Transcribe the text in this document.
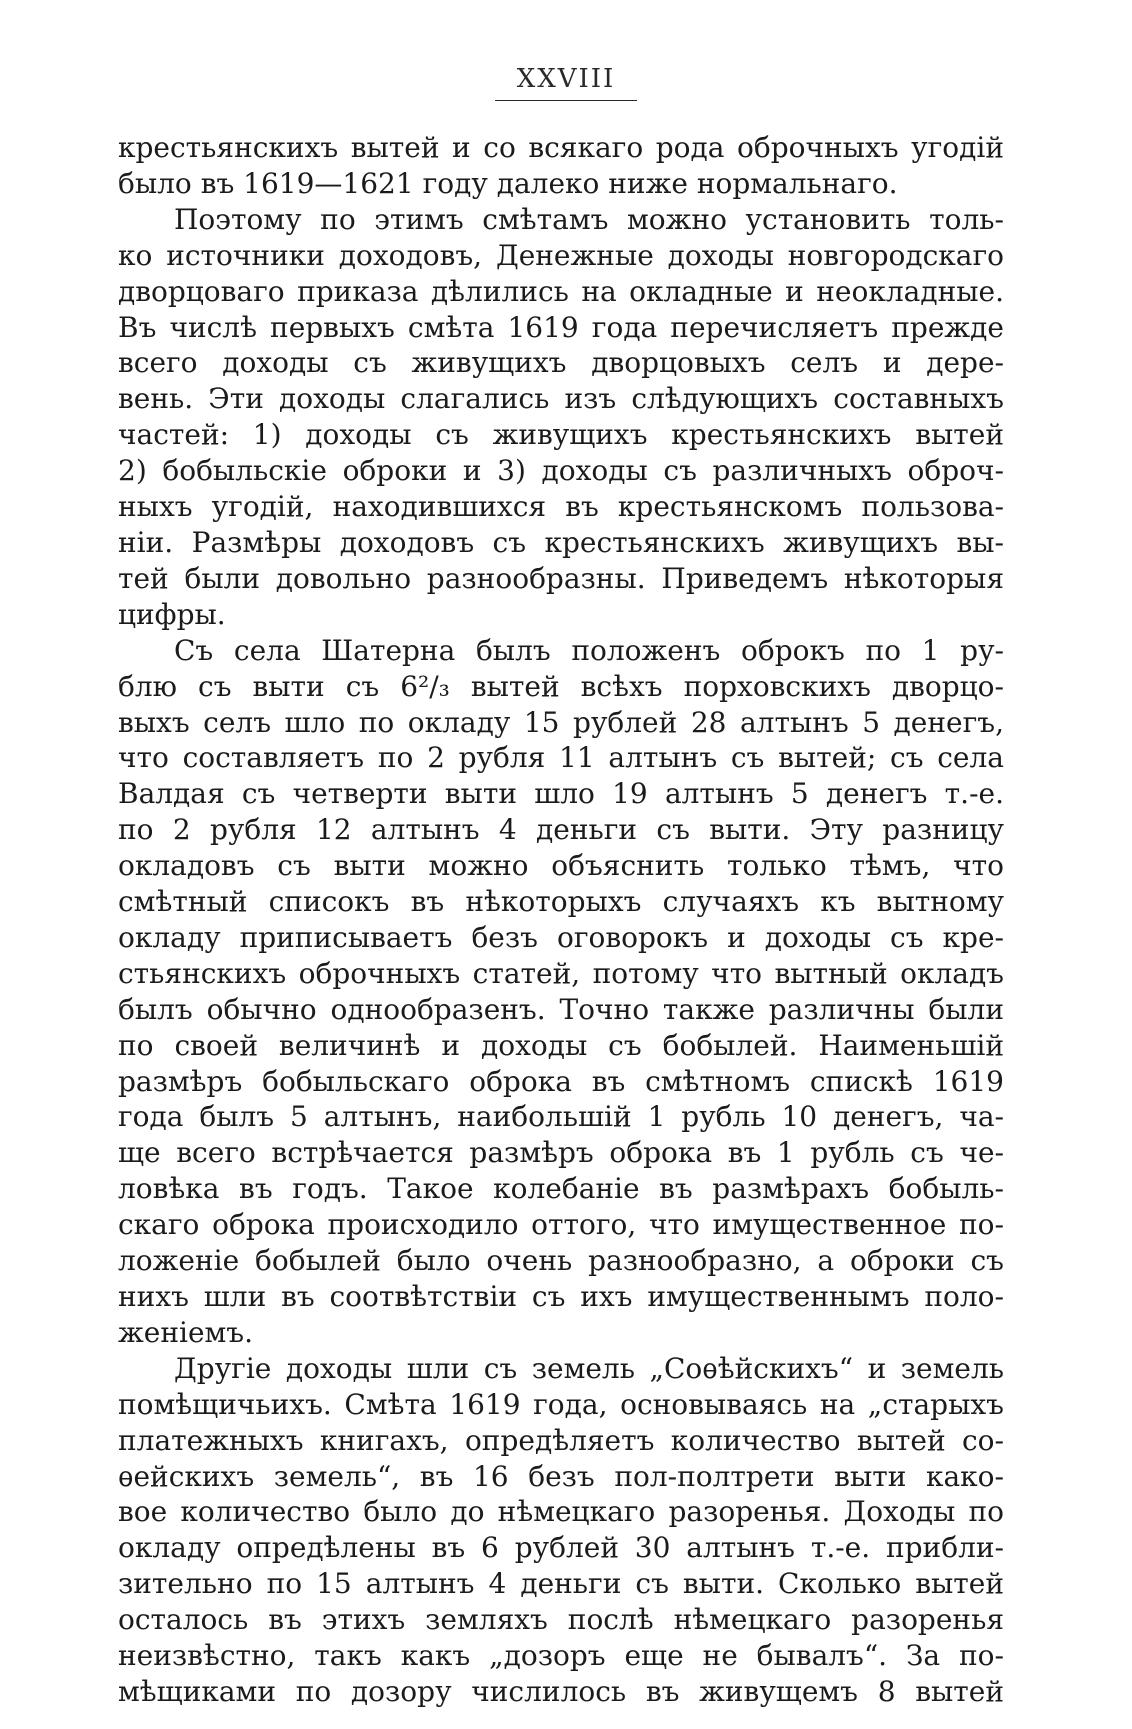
XXVIII
крестьянскихъ вытей и со всякаго рода оброчныхъ угодій
было въ 1619—1621 году далеко ниже нормальнаго.
Поэтому по этимъ смѣтамъ можно установить толь-
ко источники доходовъ, Денежные доходы новгородскаго
дворцоваго приказа дѣлились на окладные и неокладные.
Въ числѣ первыхъ смѣта 1619 года перечисляетъ прежде
всего доходы съ живущихъ дворцовыхъ селъ и дере-
вень. Эти доходы слагались изъ слѣдующихъ составныхъ
частей: 1) доходы съ живущихъ крестьянскихъ вытей
2) бобыльскіе оброки и 3) доходы съ различныхъ оброч-
ныхъ угодій, находившихся въ крестьянскомъ пользова-
ніи. Размѣры доходовъ съ крестьянскихъ живущихъ вы-
тей были довольно разнообразны. Приведемъ нѣкоторыя
цифры.
Съ села Шатерна былъ положенъ оброкъ по 1 ру-
блю съ выти съ 6²/₃ вытей всѣхъ порховскихъ дворцо-
выхъ селъ шло по окладу 15 рублей 28 алтынъ 5 денегъ,
что составляетъ по 2 рубля 11 алтынъ съ вытей; съ села
Валдая съ четверти выти шло 19 алтынъ 5 денегъ т.-е.
по 2 рубля 12 алтынъ 4 деньги съ выти. Эту разницу
окладовъ съ выти можно объяснить только тѣмъ, что
смѣтный списокъ въ нѣкоторыхъ случаяхъ къ вытному
окладу приписываетъ безъ оговорокъ и доходы съ кре-
стьянскихъ оброчныхъ статей, потому что вытный окладъ
былъ обычно однообразенъ. Точно также различны были
по своей величинѣ и доходы съ бобылей. Наименьшій
размѣръ бобыльскаго оброка въ смѣтномъ спискѣ 1619
года былъ 5 алтынъ, наибольшій 1 рубль 10 денегъ, ча-
ще всего встрѣчается размѣръ оброка въ 1 рубль съ че-
ловѣка въ годъ. Такое колебаніе въ размѣрахъ бобыль-
скаго оброка происходило оттого, что имущественное по-
ложеніе бобылей было очень разнообразно, а оброки съ
нихъ шли въ соотвѣтствіи съ ихъ имущественнымъ поло-
женіемъ.
Другіе доходы шли съ земель „Соѳѣйскихъ“ и земель
помѣщичьихъ. Смѣта 1619 года, основываясь на „старыхъ
платежныхъ книгахъ, опредѣляетъ количество вытей со-
ѳейскихъ земель“, въ 16 безъ пол-полтрети выти како-
вое количество было до нѣмецкаго разоренья. Доходы по
окладу опредѣлены въ 6 рублей 30 алтынъ т.-е. прибли-
зительно по 15 алтынъ 4 деньги съ выти. Сколько вытей
осталось въ этихъ земляхъ послѣ нѣмецкаго разоренья
неизвѣстно, такъ какъ „дозоръ еще не бывалъ“. За по-
мѣщиками по дозору числилось въ живущемъ 8 вытей
